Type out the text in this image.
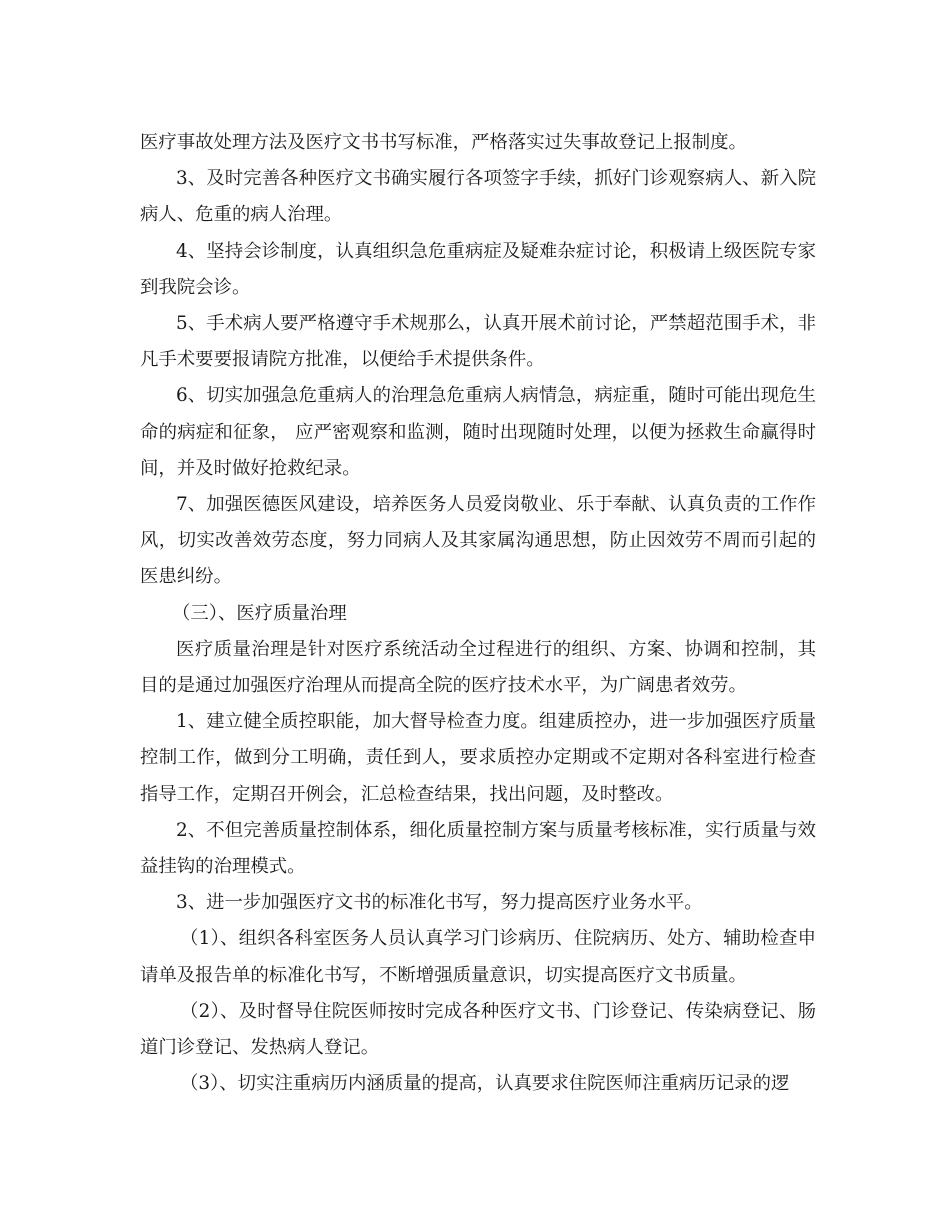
医疗事故处理方法及医疗文书书写标准，严格落实过失事故登记上报制度。

3、及时完善各种医疗文书确实履行各项签字手续，抓好门诊观察病人、新入院病人、危重的病人治理。

4、坚持会诊制度，认真组织急危重病症及疑难杂症讨论，积极请上级医院专家到我院会诊。

5、手术病人要严格遵守手术规那么，认真开展术前讨论，严禁超范围手术，非凡手术要要报请院方批准，以便给手术提供条件。

6、切实加强急危重病人的治理急危重病人病情急，病症重，随时可能出现危生命的病症和征象， 应严密观察和监测，随时出现随时处理，以便为拯救生命赢得时间，并及时做好抢救纪录。

7、加强医德医风建设，培养医务人员爱岗敬业、乐于奉献、认真负责的工作作风，切实改善效劳态度，努力同病人及其家属沟通思想，防止因效劳不周而引起的医患纠纷。

（三）、医疗质量治理

医疗质量治理是针对医疗系统活动全过程进行的组织、方案、协调和控制，其目的是通过加强医疗治理从而提高全院的医疗技术水平，为广阔患者效劳。

1、建立健全质控职能，加大督导检查力度。组建质控办，进一步加强医疗质量控制工作，做到分工明确，责任到人，要求质控办定期或不定期对各科室进行检查指导工作，定期召开例会，汇总检查结果，找出问题，及时整改。

2、不但完善质量控制体系，细化质量控制方案与质量考核标准，实行质量与效益挂钩的治理模式。

3、进一步加强医疗文书的标准化书写，努力提高医疗业务水平。

（1）、组织各科室医务人员认真学习门诊病历、住院病历、处方、辅助检查申请单及报告单的标准化书写，不断增强质量意识，切实提高医疗文书质量。

（2）、及时督导住院医师按时完成各种医疗文书、门诊登记、传染病登记、肠道门诊登记、发热病人登记。

（3）、切实注重病历内涵质量的提高，认真要求住院医师注重病历记录的逻
